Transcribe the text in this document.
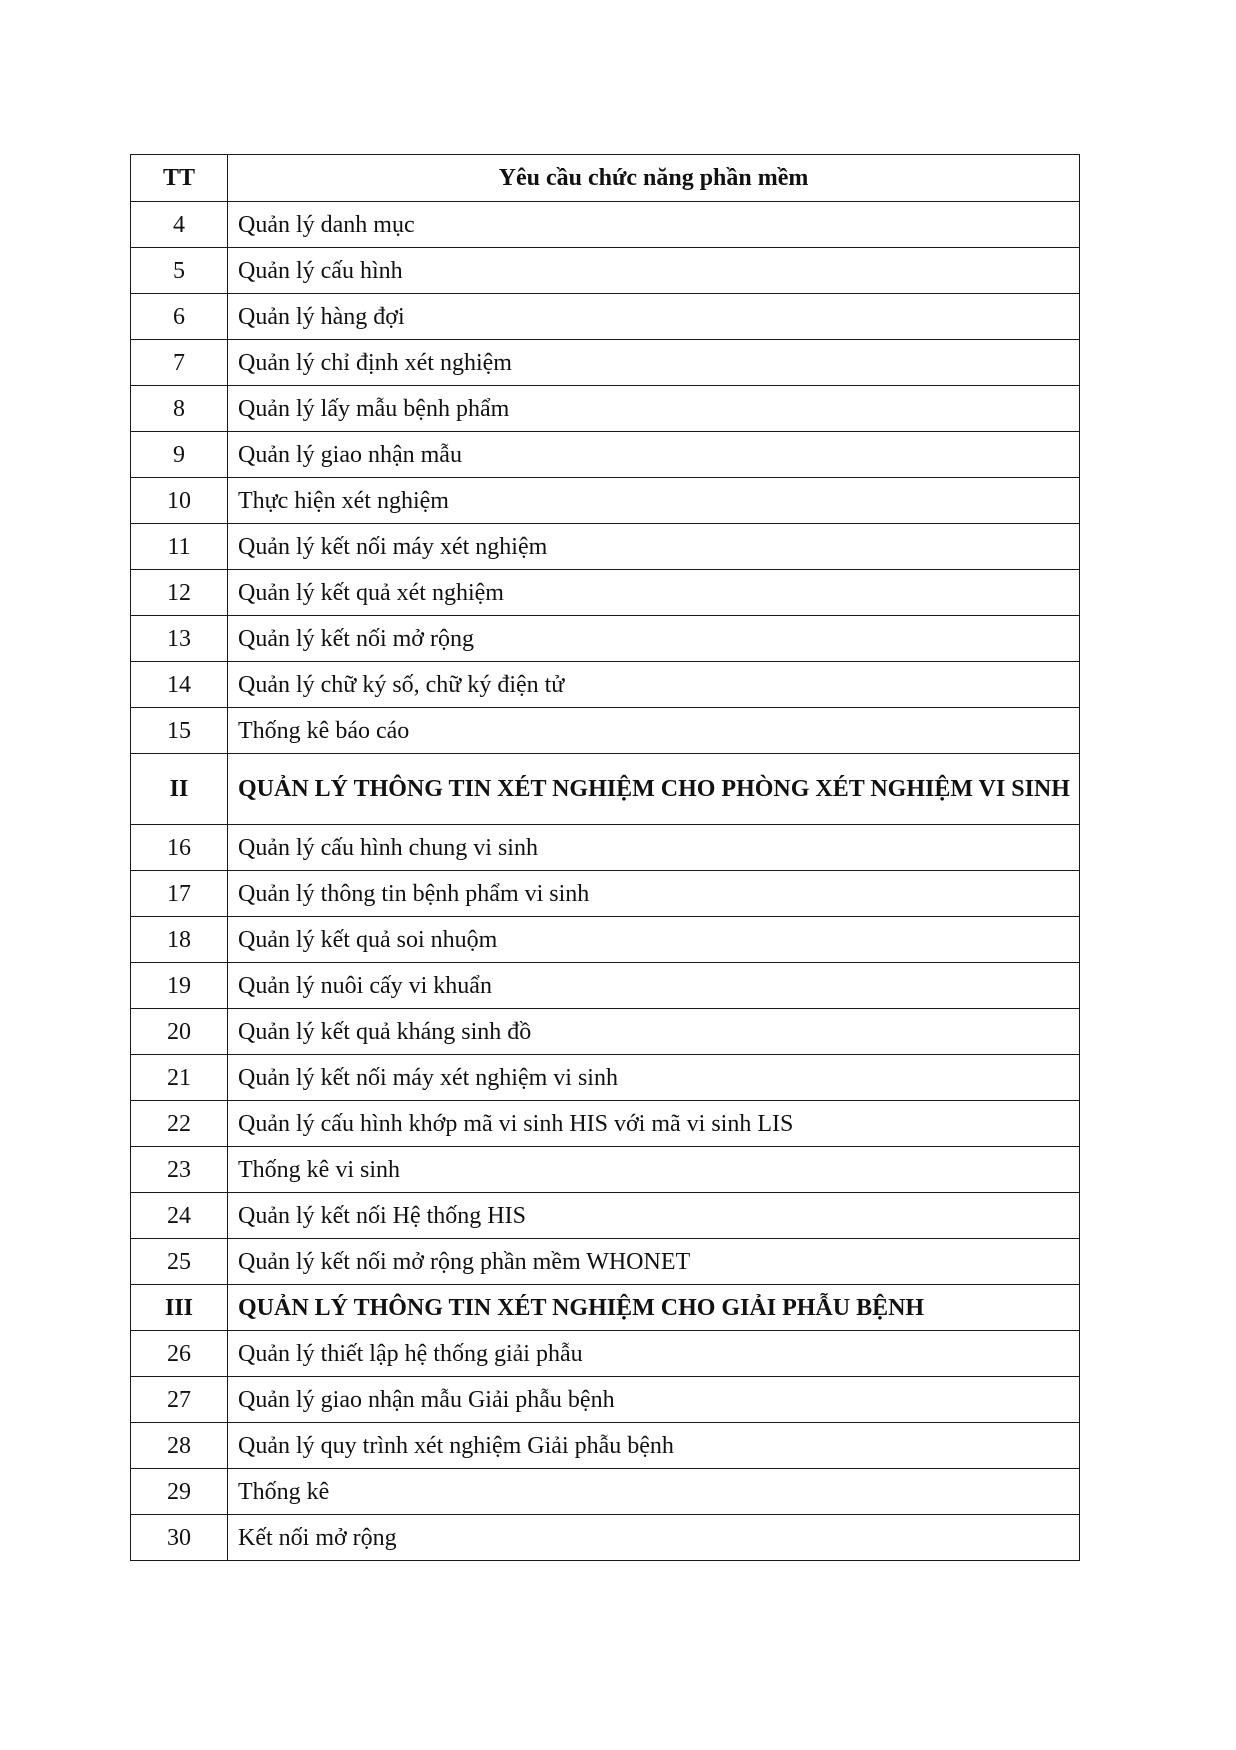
TT	Yêu cầu chức năng phần mềm
4	Quản lý danh mục
5	Quản lý cấu hình
6	Quản lý hàng đợi
7	Quản lý chỉ định xét nghiệm
8	Quản lý lấy mẫu bệnh phẩm
9	Quản lý giao nhận mẫu
10	Thực hiện xét nghiệm
11	Quản lý kết nối máy xét nghiệm
12	Quản lý kết quả xét nghiệm
13	Quản lý kết nối mở rộng
14	Quản lý chữ ký số, chữ ký điện tử
15	Thống kê báo cáo
II	QUẢN LÝ THÔNG TIN XÉT NGHIỆM CHO PHÒNG XÉT NGHIỆM VI SINH
16	Quản lý cấu hình chung vi sinh
17	Quản lý thông tin bệnh phẩm vi sinh
18	Quản lý kết quả soi nhuộm
19	Quản lý nuôi cấy vi khuẩn
20	Quản lý kết quả kháng sinh đồ
21	Quản lý kết nối máy xét nghiệm vi sinh
22	Quản lý cấu hình khớp mã vi sinh HIS với mã vi sinh LIS
23	Thống kê vi sinh
24	Quản lý kết nối Hệ thống HIS
25	Quản lý kết nối mở rộng phần mềm WHONET
III	QUẢN LÝ THÔNG TIN XÉT NGHIỆM CHO GIẢI PHẪU BỆNH
26	Quản lý thiết lập hệ thống giải phẫu
27	Quản lý giao nhận mẫu Giải phẫu bệnh
28	Quản lý quy trình xét nghiệm Giải phẫu bệnh
29	Thống kê
30	Kết nối mở rộng
